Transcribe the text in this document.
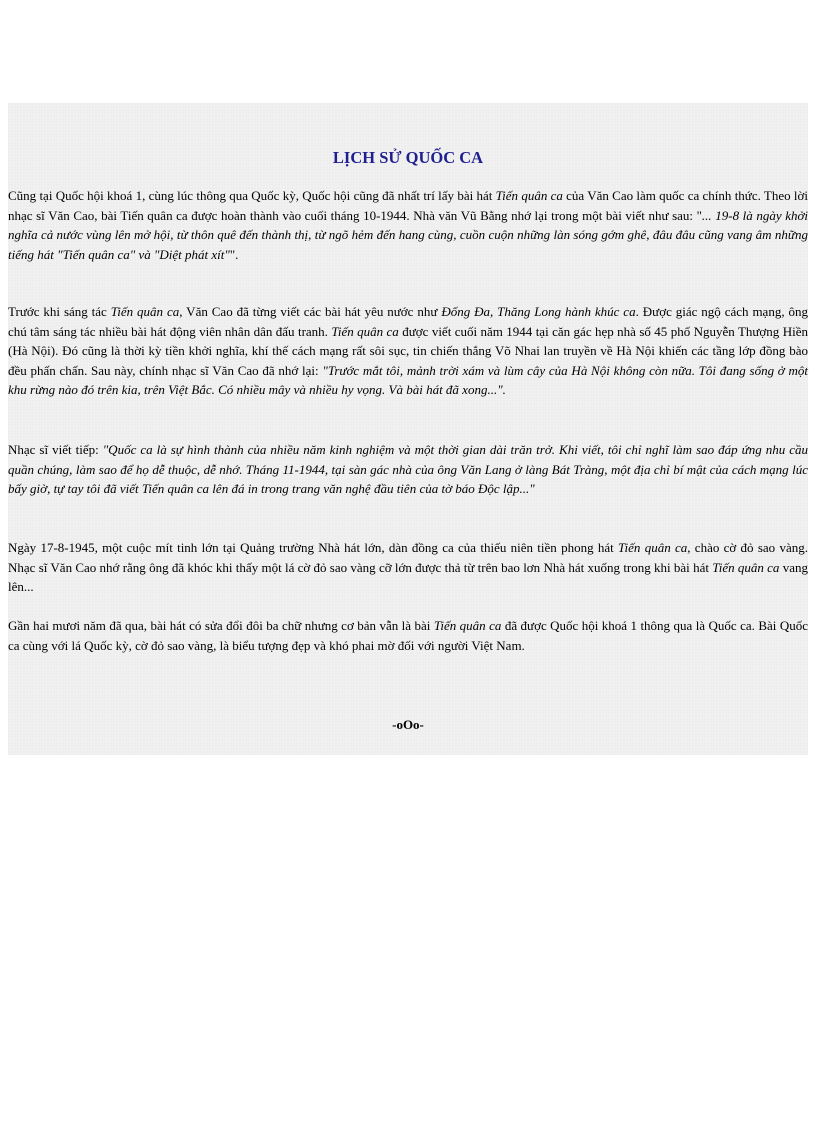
LỊCH SỬ QUỐC CA

Cũng tại Quốc hội khoá 1, cùng lúc thông qua Quốc kỳ, Quốc hội cũng đã nhất trí lấy bài hát Tiến quân ca của Văn Cao làm quốc ca chính thức. Theo lời nhạc sĩ Văn Cao, bài Tiến quân ca được hoàn thành vào cuối tháng 10-1944. Nhà văn Vũ Bằng nhớ lại trong một bài viết như sau: "... 19-8 là ngày khởi nghĩa cả nước vùng lên mở hội, từ thôn quê đến thành thị, từ ngõ hẻm đến hang cùng, cuồn cuộn những làn sóng gớm ghê, đâu đâu cũng vang âm những tiếng hát "Tiến quân ca" và "Diệt phát xít"".

Trước khi sáng tác Tiến quân ca, Văn Cao đã từng viết các bài hát yêu nước như Đống Đa, Thăng Long hành khúc ca. Được giác ngộ cách mạng, ông chú tâm sáng tác nhiều bài hát động viên nhân dân đấu tranh. Tiến quân ca được viết cuối năm 1944 tại căn gác hẹp nhà số 45 phố Nguyễn Thượng Hiền (Hà Nội). Đó cũng là thời kỳ tiền khởi nghĩa, khí thế cách mạng rất sôi sục, tin chiến thắng Võ Nhai lan truyền về Hà Nội khiến các tầng lớp đồng bào đều phấn chấn. Sau này, chính nhạc sĩ Văn Cao đã nhớ lại: "Trước mắt tôi, mảnh trời xám và lùm cây của Hà Nội không còn nữa. Tôi đang sống ở một khu rừng nào đó trên kia, trên Việt Bắc. Có nhiều mây và nhiều hy vọng. Và bài hát đã xong...".

Nhạc sĩ viết tiếp: "Quốc ca là sự hình thành của nhiều năm kinh nghiệm và một thời gian dài trăn trở. Khi viết, tôi chỉ nghĩ làm sao đáp ứng nhu cầu quần chúng, làm sao để họ dễ thuộc, dễ nhớ. Tháng 11-1944, tại sàn gác nhà của ông Văn Lang ở làng Bát Tràng, một địa chỉ bí mật của cách mạng lúc bấy giờ, tự tay tôi đã viết Tiến quân ca lên đá in trong trang văn nghệ đầu tiên của tờ báo Độc lập..."

Ngày 17-8-1945, một cuộc mít tinh lớn tại Quảng trường Nhà hát lớn, dàn đồng ca của thiếu niên tiền phong hát Tiến quân ca, chào cờ đỏ sao vàng. Nhạc sĩ Văn Cao nhớ rằng ông đã khóc khi thấy một lá cờ đỏ sao vàng cỡ lớn được thả từ trên bao lơn Nhà hát xuống trong khi bài hát Tiến quân ca vang lên...

Gần hai mươi năm đã qua, bài hát có sửa đổi đôi ba chữ nhưng cơ bản vẫn là bài Tiến quân ca đã được Quốc hội khoá 1 thông qua là Quốc ca. Bài Quốc ca cùng với lá Quốc kỳ, cờ đỏ sao vàng, là biểu tượng đẹp và khó phai mờ đối với người Việt Nam.

-oOo-
